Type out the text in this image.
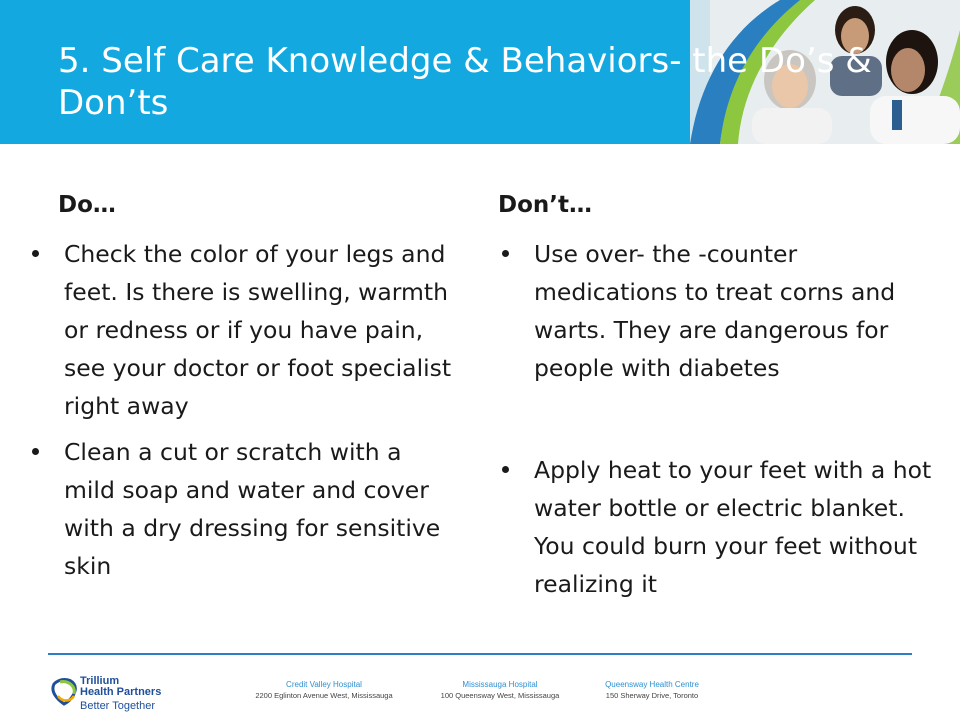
5. Self Care Knowledge & Behaviors- the Do’s & Don’ts
Do…
Check the color of your legs and feet. Is there is swelling, warmth or redness or if you have pain, see your doctor or foot specialist right away
Clean a cut or scratch with a mild soap and water and cover with a dry dressing for sensitive skin
Don’t…
Use over- the -counter medications to treat corns and warts. They are dangerous for people with diabetes
Apply heat to your feet with a hot water bottle or electric blanket. You could burn your feet without realizing it
Trillium
Health Partners
Better Together
Credit Valley Hospital
2200 Eglinton Avenue West, Mississauga
Mississauga Hospital
100 Queensway West, Mississauga
Queensway Health Centre
150 Sherway Drive, Toronto
